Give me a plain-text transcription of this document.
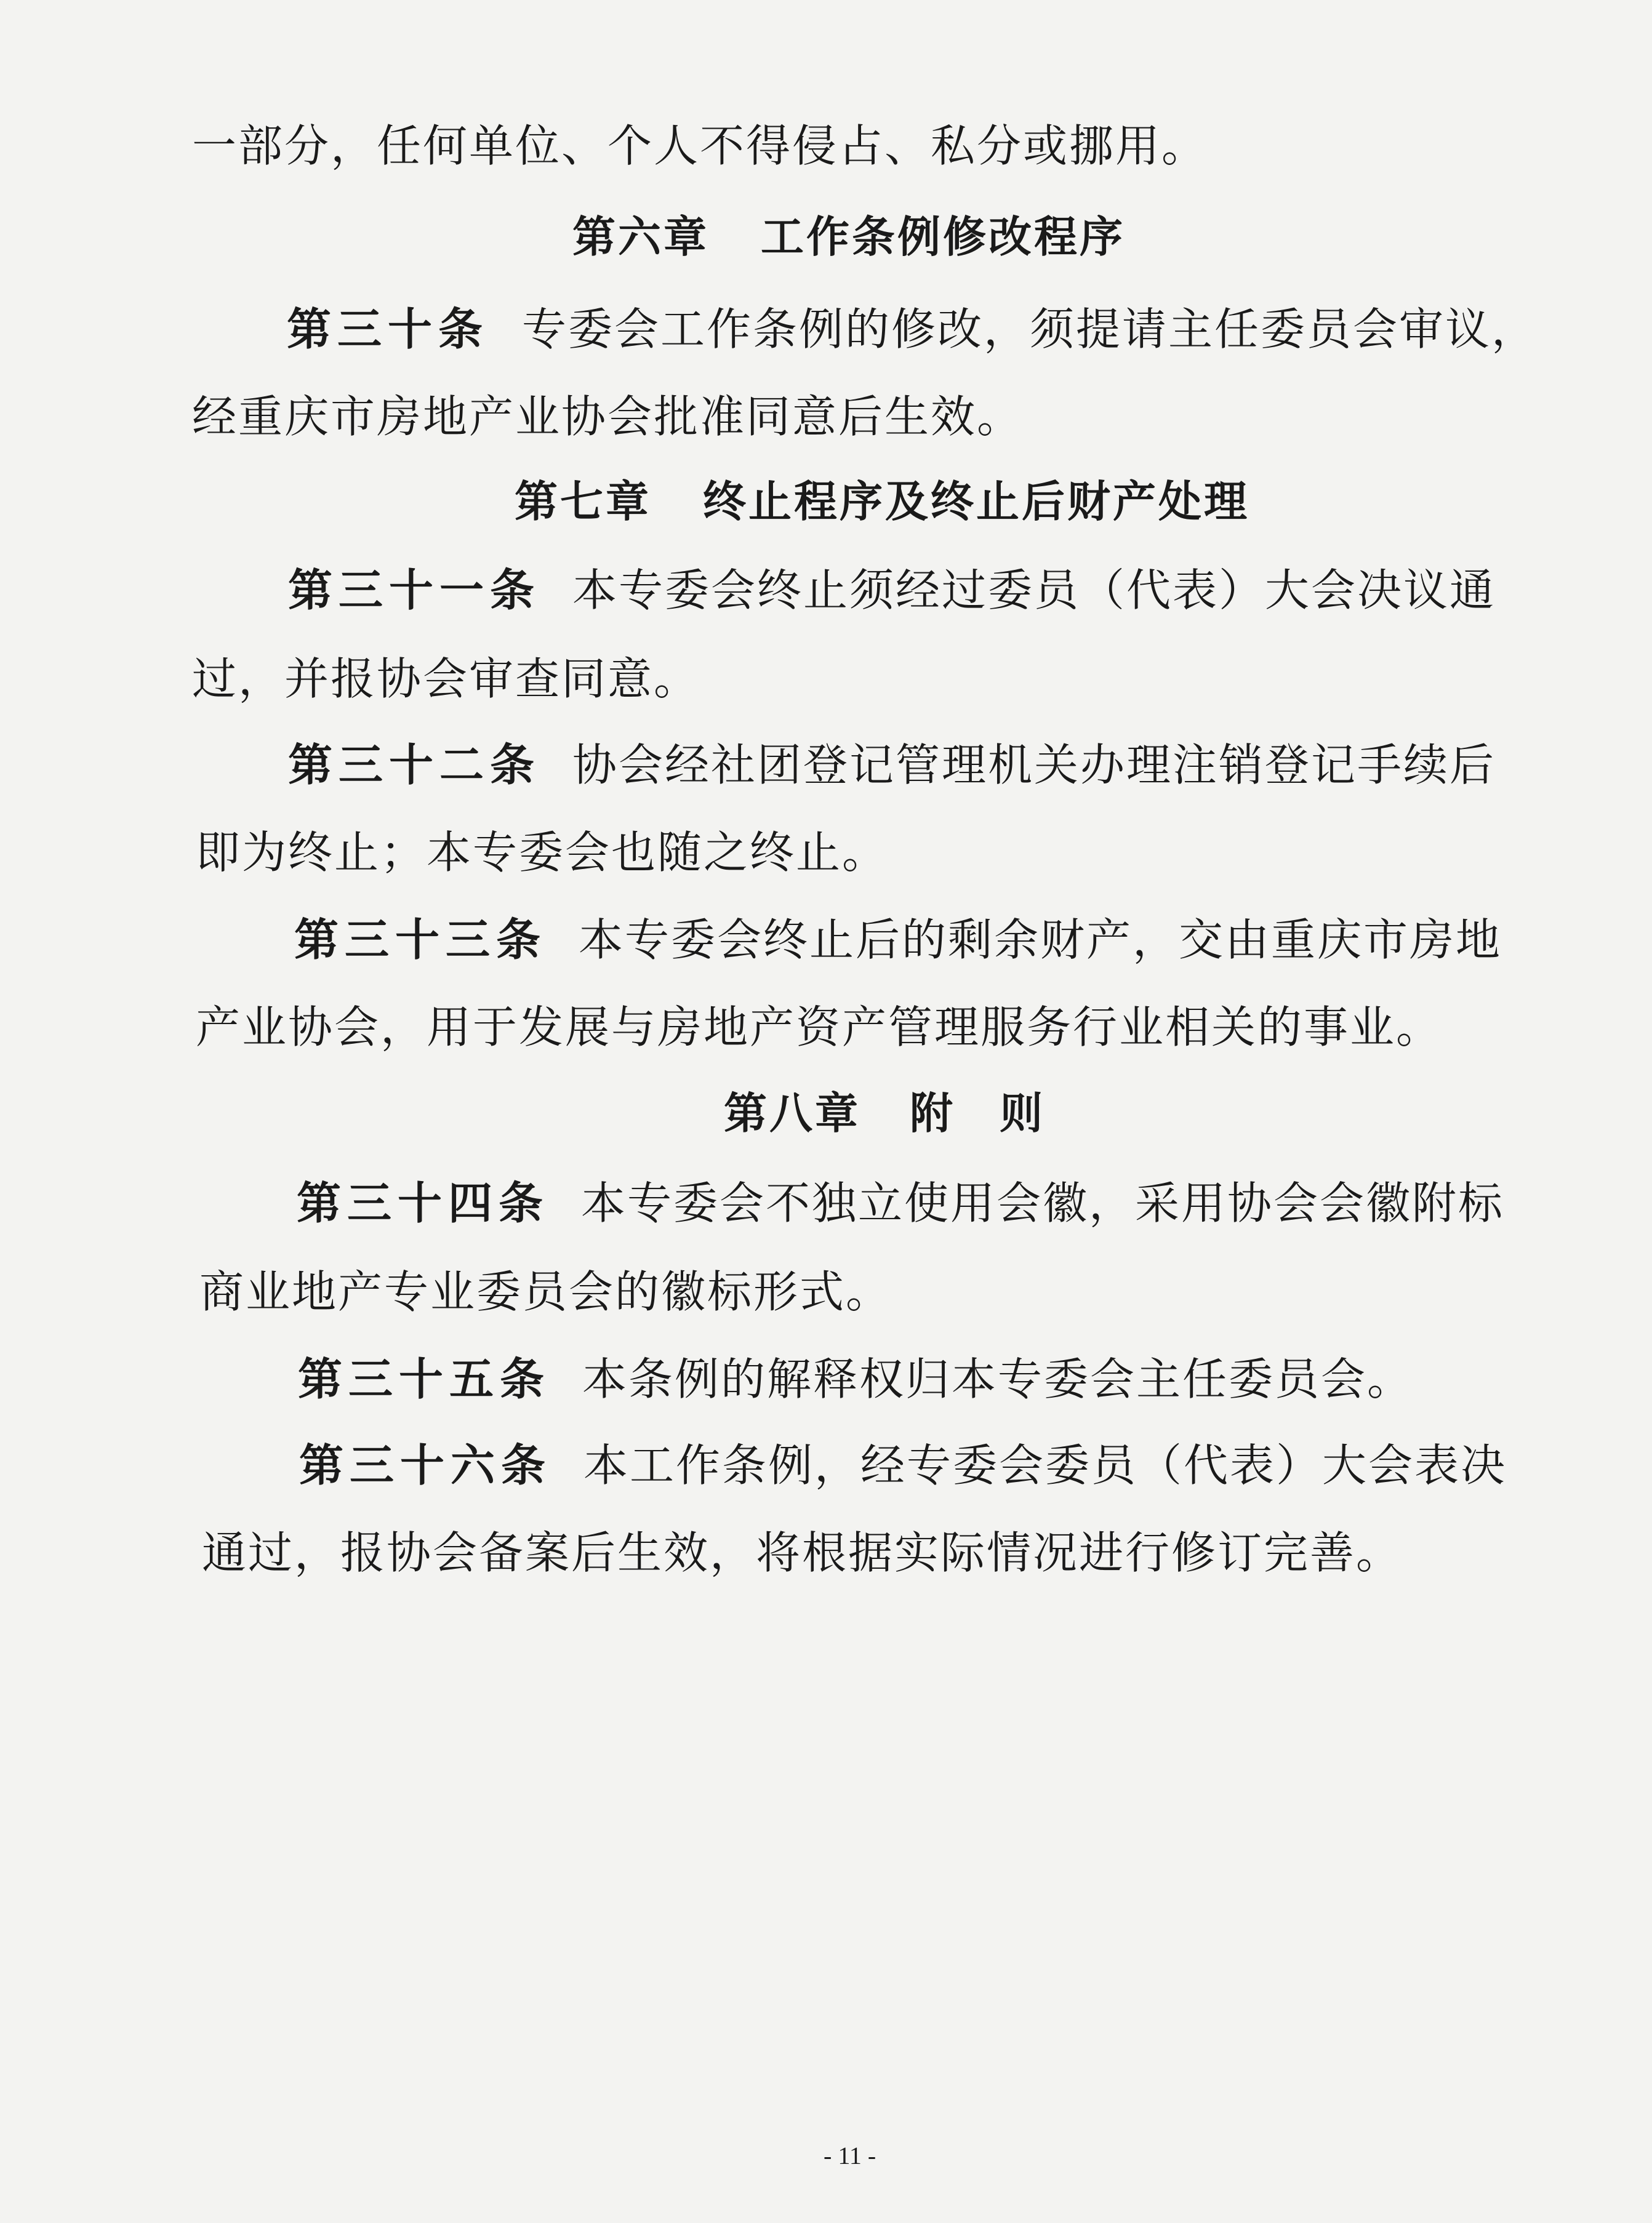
一部分，任何单位、个人不得侵占、私分或挪用。
第六章 工作条例修改程序
第三十条 专委会工作条例的修改，须提请主任委员会审议，
经重庆市房地产业协会批准同意后生效。
第七章 终止程序及终止后财产处理
第三十一条 本专委会终止须经过委员（代表）大会决议通
过，并报协会审查同意。
第三十二条 协会经社团登记管理机关办理注销登记手续后
即为终止；本专委会也随之终止。
第三十三条 本专委会终止后的剩余财产，交由重庆市房地
产业协会，用于发展与房地产资产管理服务行业相关的事业。
第八章 附 则
第三十四条 本专委会不独立使用会徽，采用协会会徽附标
商业地产专业委员会的徽标形式。
第三十五条 本条例的解释权归本专委会主任委员会。
第三十六条 本工作条例，经专委会委员（代表）大会表决
通过，报协会备案后生效，将根据实际情况进行修订完善。
- 11 -
